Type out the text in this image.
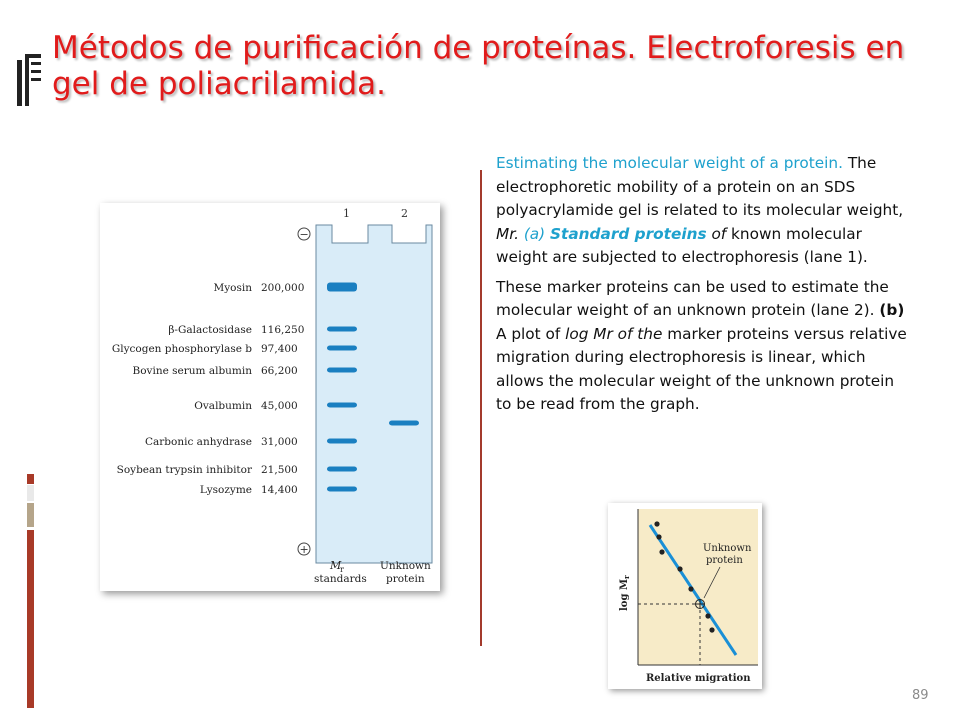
Métodos de purificación de proteínas. Electroforesis en gel de poliacrilamida.

Estimating the molecular weight of a protein. The electrophoretic mobility of a protein on an SDS polyacrylamide gel is related to its molecular weight, Mr. (a) Standard proteins of known molecular weight are subjected to electrophoresis (lane 1).

These marker proteins can be used to estimate the molecular weight of an unknown protein (lane 2). (b) A plot of log Mr of the marker proteins versus relative migration during electrophoresis is linear, which allows the molecular weight of the unknown protein to be read from the graph.

1	2
−
+
Myosin 200,000
β-Galactosidase 116,250
Glycogen phosphorylase b 97,400
Bovine serum albumin 66,200
Ovalbumin 45,000
Carbonic anhydrase 31,000
Soybean trypsin inhibitor 21,500
Lysozyme 14,400
M
r
standards
Unknown
protein
Unknown
protein
$\log M_r$
Relative migration
89
